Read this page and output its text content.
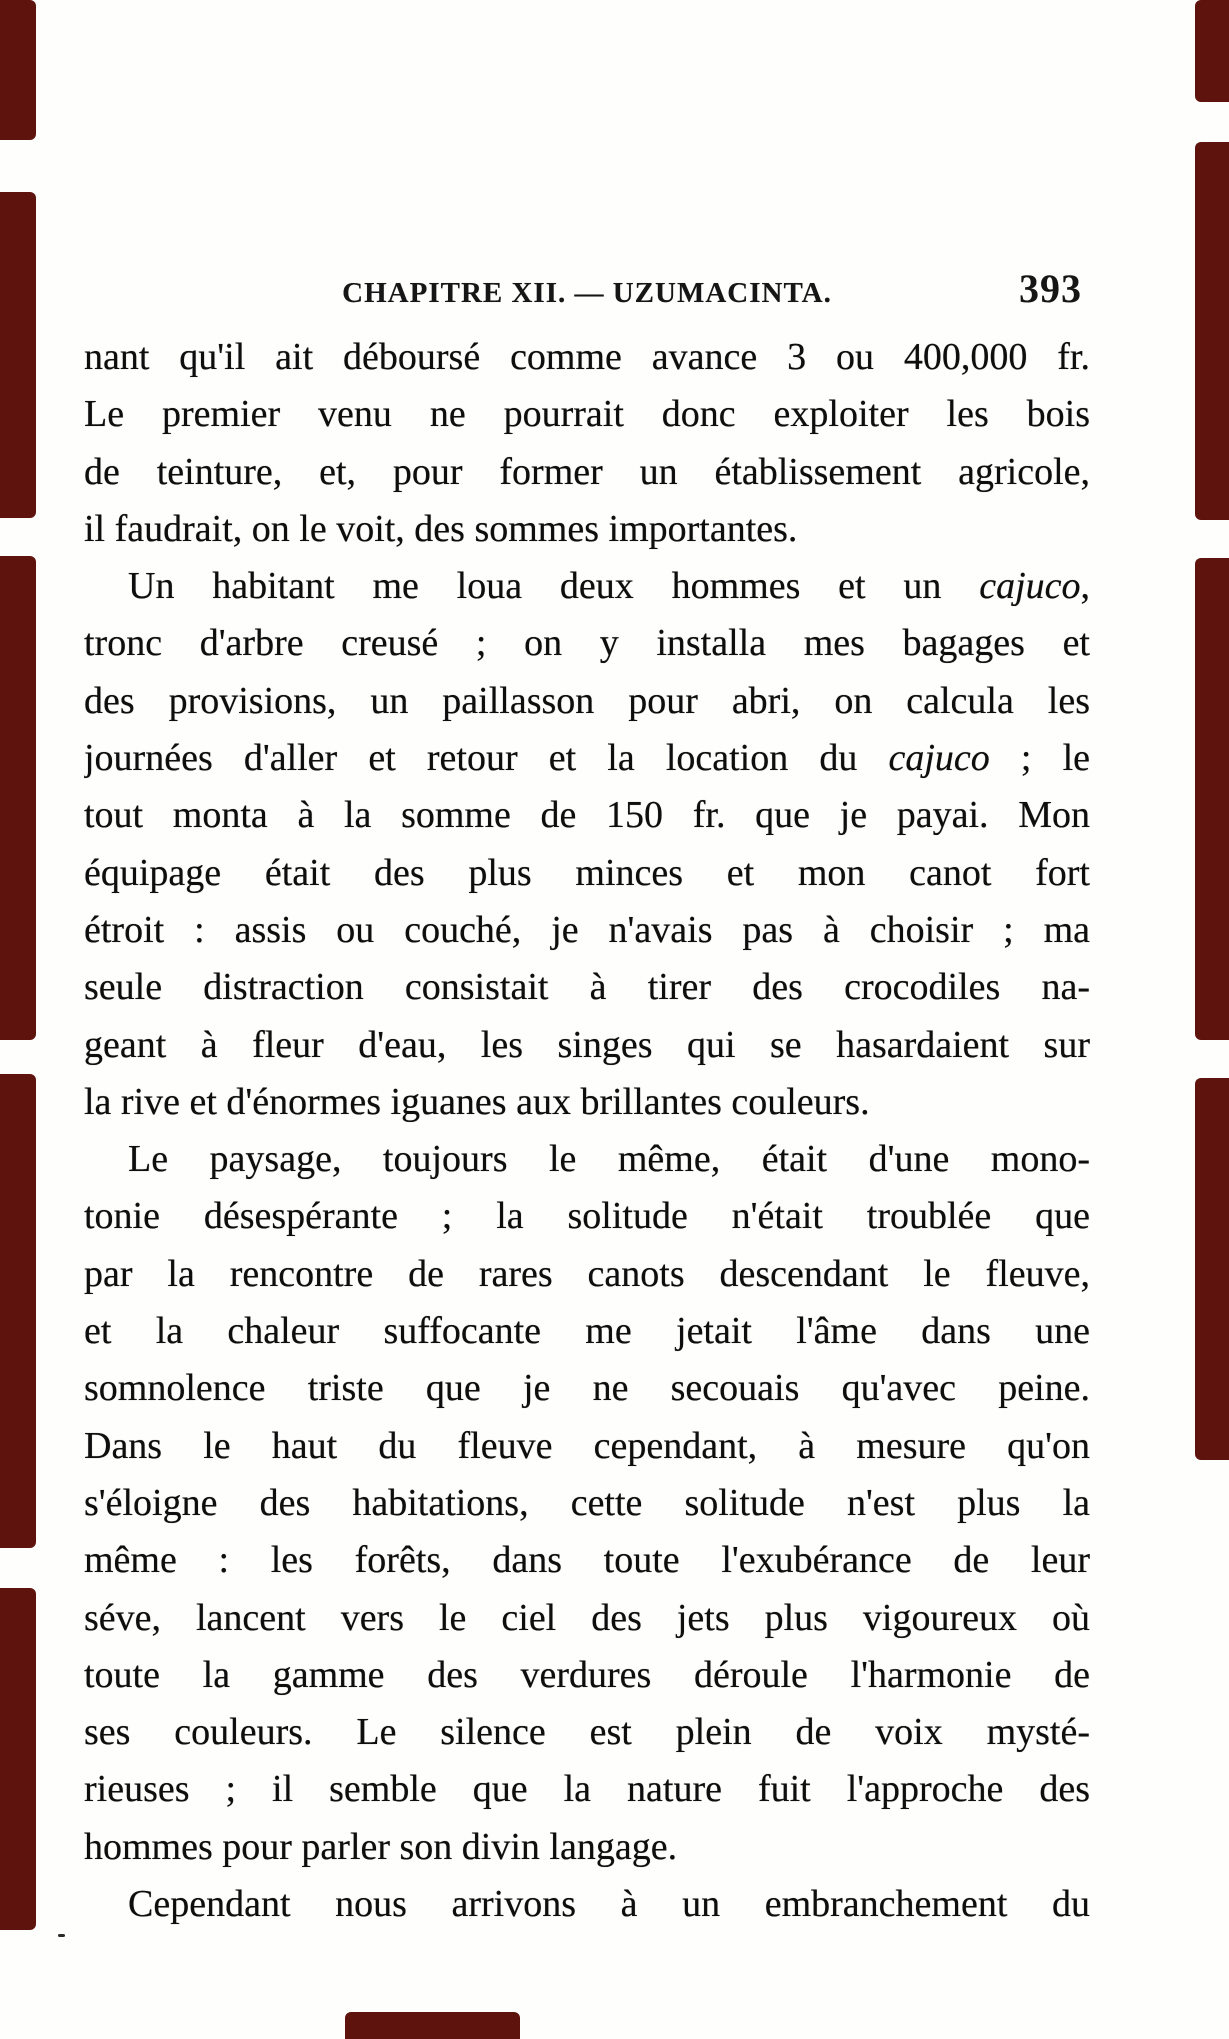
CHAPITRE XII. — UZUMACINTA.	393
nant qu'il ait déboursé comme avance 3 ou 400,000 fr.
Le premier venu ne pourrait donc exploiter les bois
de teinture, et, pour former un établissement agricole,
il faudrait, on le voit, des sommes importantes.
Un habitant me loua deux hommes et un cajuco,
tronc d'arbre creusé ; on y installa mes bagages et
des provisions, un paillasson pour abri, on calcula les
journées d'aller et retour et la location du cajuco ; le
tout monta à la somme de 150 fr. que je payai. Mon
équipage était des plus minces et mon canot fort
étroit : assis ou couché, je n'avais pas à choisir ; ma
seule distraction consistait à tirer des crocodiles na-
geant à fleur d'eau, les singes qui se hasardaient sur
la rive et d'énormes iguanes aux brillantes couleurs.
Le paysage, toujours le même, était d'une mono-
tonie désespérante ; la solitude n'était troublée que
par la rencontre de rares canots descendant le fleuve,
et la chaleur suffocante me jetait l'âme dans une
somnolence triste que je ne secouais qu'avec peine.
Dans le haut du fleuve cependant, à mesure qu'on
s'éloigne des habitations, cette solitude n'est plus la
même : les forêts, dans toute l'exubérance de leur
séve, lancent vers le ciel des jets plus vigoureux où
toute la gamme des verdures déroule l'harmonie de
ses couleurs. Le silence est plein de voix mysté-
rieuses ; il semble que la nature fuit l'approche des
hommes pour parler son divin langage.
Cependant nous arrivons à un embranchement du
